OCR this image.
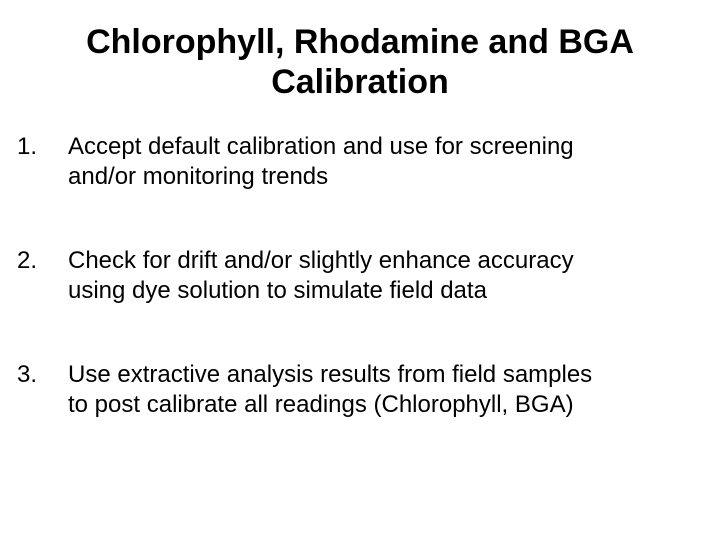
Chlorophyll, Rhodamine and BGA
Calibration
1. Accept default calibration and use for screening
and/or monitoring trends
2. Check for drift and/or slightly enhance accuracy
using dye solution to simulate field data
3. Use extractive analysis results from field samples
to post calibrate all readings (Chlorophyll, BGA)
